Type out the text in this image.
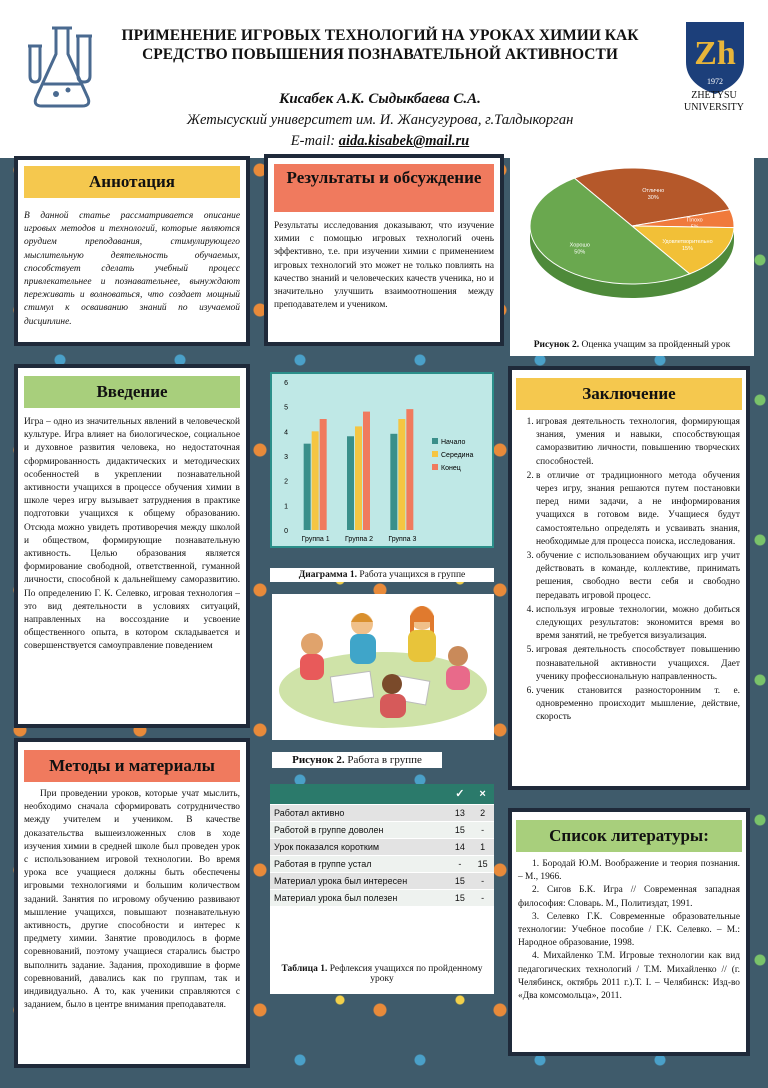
ПРИМЕНЕНИЕ ИГРОВЫХ ТЕХНОЛОГИЙ НА УРОКАХ ХИМИИ КАК СРЕДСТВО ПОВЫШЕНИЯ ПОЗНАВАТЕЛЬНОЙ АКТИВНОСТИ
Кисабек А.К. Сыдыкбаева С.А.
Жетысуский университет им. И. Жансугурова, г.Талдыкорган
E-mail: aida.kisabek@mail.ru
Zh
1972
ZHETYSU
UNIVERSITY
Аннотация
В данной статье рассматривается описание игровых методов и технологий, которые являются орудием преподавания, стимулирующего мыслительную деятельность обучаемых, способствует сделать учебный процесс привлекательнее и познавательнее, вынуждают переживать и волноваться, что создает мощный стимул к осваиванию знаний по изучаемой дисциплине.
Результаты и обсуждение
Результаты исследования доказывают, что изучение химии с помощью игровых технологий очень эффективно, т.е. при изучении химии с применением игровых технологий это может не только повлиять на качество знаний и человеческих качеств ученика, но и значительно улучшить взаимоотношения между преподавателем и учеником.
Отлично
30%
Плохо
Удовлетворительно
15%
Хорошо
50%
Рисунок 2. Оценка учащим за пройденный урок
Введение
Игра – одно из значительных явлений в человеческой культуре. Игра влияет на биологическое, социальное и духовное развития человека, но недостаточная сформированность дидактических и методических особенностей в укреплении познавательной активности учащихся в процессе обучения химии в школе через игру вызывает затруднения в практике подготовки учащихся к общему образованию. Отсюда можно увидеть противоречия между школой и обществом, формирующие познавательную активность. Целью образования является формирование свободной, ответственной, гуманной личности, способной к дальнейшему саморазвитию. По определению Г. К. Селевко, игровая технология – это вид деятельности в условиях ситуаций, направленных на воссоздание и усвоение общественного опыта, в котором складывается и совершенствуется самоуправление поведением
0
1
2
3
4
5
6
Группа 1 Группа 2 Группа 3
Начало
Середина
Конец
Диаграмма 1. Работа учащихся в группе
Рисунок 2. Работа в группе
Методы и материалы
При проведении уроков, которые учат мыслить, необходимо сначала сформировать сотрудничество между учителем и учеником. В качестве доказательства вышеизложенных слов в ходе изучения химии в средней школе был проведен урок с использованием игровой технологии. Во время урока все учащиеся должны быть обеспечены игровыми технологиями и большим количеством заданий. Занятия по игровому обучению развивают мышление учащихся, повышают познавательную активность, другие способности и интерес к предмету химии. Занятие проводилось в форме соревнований, поэтому учащиеся старались быстро выполнить задание. Задания, проходившие в форме соревнований, давались как по группам, так и индивидуально. А то, как ученики справляются с заданием, было в центре внимания преподавателя.
	✓	×
Работал активно	13	2
Работой в группе доволен	15	-
Урок показался коротким	14	1
Работая в группе устал	-	15
Материал урока был интересен	15	-
Материал урока был полезен	15	-
Таблица 1. Рефлексия учащихся по пройденному уроку
Заключение
1. игровая деятельность технология, формирующая знания, умения и навыки, способствующая саморазвитию личности, повышению творческих способностей.
2. в отличие от традиционного метода обучения через игру, знания решаются путем постановки перед ними задачи, а не информирования учащихся в готовом виде. Учащиеся будут самостоятельно определять и усваивать знания, необходимые для процесса поиска, исследования.
3. обучение с использованием обучающих игр учит действовать в команде, коллективе, принимать решения, свободно вести себя и свободно передавать игровой процесс.
4. используя игровые технологии, можно добиться следующих результатов: экономится время во время занятий, не требуется визуализация.
5. игровая деятельность способствует повышению познавательной активности учащихся. Дает ученику профессиональную направленность.
6. ученик становится разносторонним т. е. одновременно происходит мышление, действие, скорость
Список литературы:

1. Бородай Ю.М. Воображение и теория познания. – М., 1966.

2. Сигов Б.К. Игра // Современная западная философия: Словарь. М., Политиздат, 1991.

3. Селевко Г.К. Современные образовательные технологии: Учебное пособие / Г.К. Селевко. – М.: Народное образование, 1998.

4. Михайленко Т.М. Игровые технологии как вид педагогических технологий / Т.М. Михайленко // (г. Челябинск, октябрь 2011 г.).Т. I. – Челябинск: Изд-во «Два комсомольца», 2011.
